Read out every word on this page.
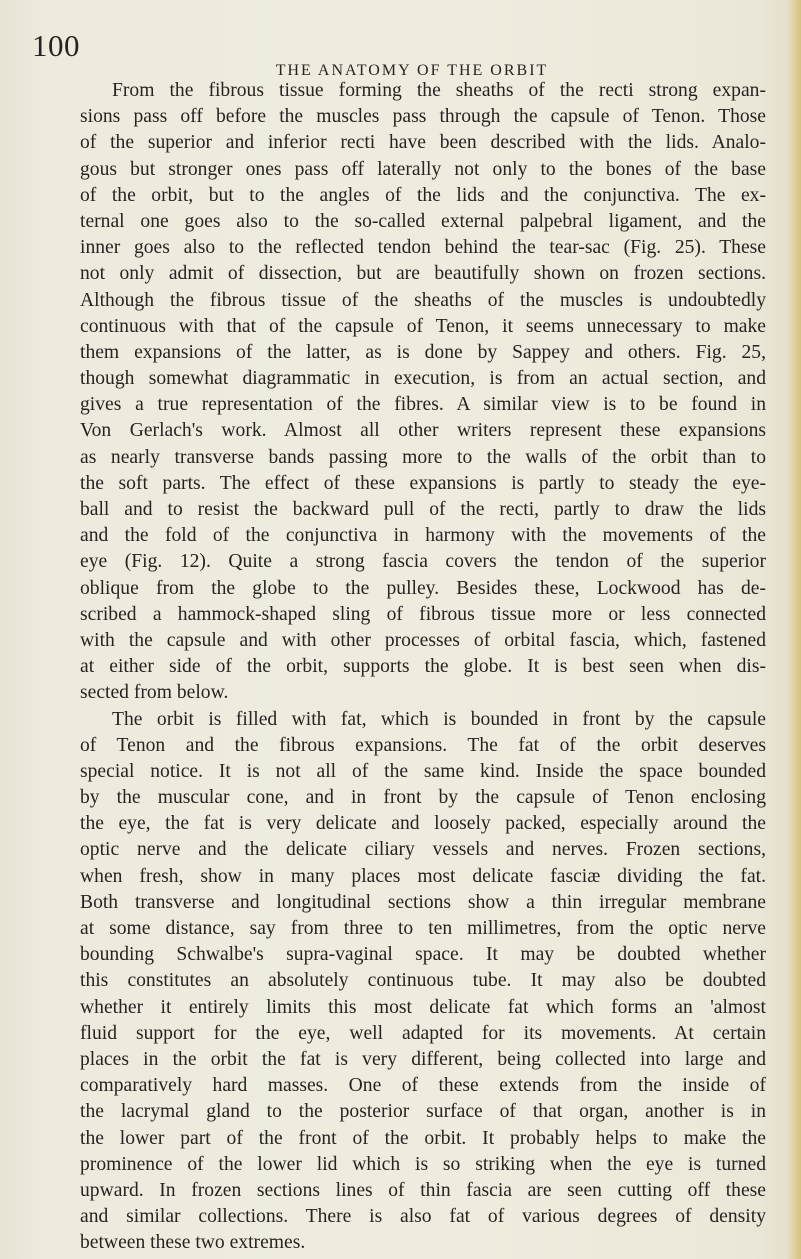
100
THE ANATOMY OF THE ORBIT
From the fibrous tissue forming the sheaths of the recti strong expan-
sions pass off before the muscles pass through the capsule of Tenon. Those
of the superior and inferior recti have been described with the lids. Analo-
gous but stronger ones pass off laterally not only to the bones of the base
of the orbit, but to the angles of the lids and the conjunctiva. The ex-
ternal one goes also to the so-called external palpebral ligament, and the
inner goes also to the reflected tendon behind the tear-sac (Fig. 25). These
not only admit of dissection, but are beautifully shown on frozen sections.
Although the fibrous tissue of the sheaths of the muscles is undoubtedly
continuous with that of the capsule of Tenon, it seems unnecessary to make
them expansions of the latter, as is done by Sappey and others. Fig. 25,
though somewhat diagrammatic in execution, is from an actual section, and
gives a true representation of the fibres. A similar view is to be found in
Von Gerlach's work. Almost all other writers represent these expansions
as nearly transverse bands passing more to the walls of the orbit than to
the soft parts. The effect of these expansions is partly to steady the eye-
ball and to resist the backward pull of the recti, partly to draw the lids
and the fold of the conjunctiva in harmony with the movements of the
eye (Fig. 12). Quite a strong fascia covers the tendon of the superior
oblique from the globe to the pulley. Besides these, Lockwood has de-
scribed a hammock-shaped sling of fibrous tissue more or less connected
with the capsule and with other processes of orbital fascia, which, fastened
at either side of the orbit, supports the globe. It is best seen when dis-
sected from below.
The orbit is filled with fat, which is bounded in front by the capsule
of Tenon and the fibrous expansions. The fat of the orbit deserves
special notice. It is not all of the same kind. Inside the space bounded
by the muscular cone, and in front by the capsule of Tenon enclosing
the eye, the fat is very delicate and loosely packed, especially around the
optic nerve and the delicate ciliary vessels and nerves. Frozen sections,
when fresh, show in many places most delicate fasciæ dividing the fat.
Both transverse and longitudinal sections show a thin irregular membrane
at some distance, say from three to ten millimetres, from the optic nerve
bounding Schwalbe's supra-vaginal space. It may be doubted whether
this constitutes an absolutely continuous tube. It may also be doubted
whether it entirely limits this most delicate fat which forms an 'almost
fluid support for the eye, well adapted for its movements. At certain
places in the orbit the fat is very different, being collected into large and
comparatively hard masses. One of these extends from the inside of
the lacrymal gland to the posterior surface of that organ, another is in
the lower part of the front of the orbit. It probably helps to make the
prominence of the lower lid which is so striking when the eye is turned
upward. In frozen sections lines of thin fascia are seen cutting off these
and similar collections. There is also fat of various degrees of density
between these two extremes.
